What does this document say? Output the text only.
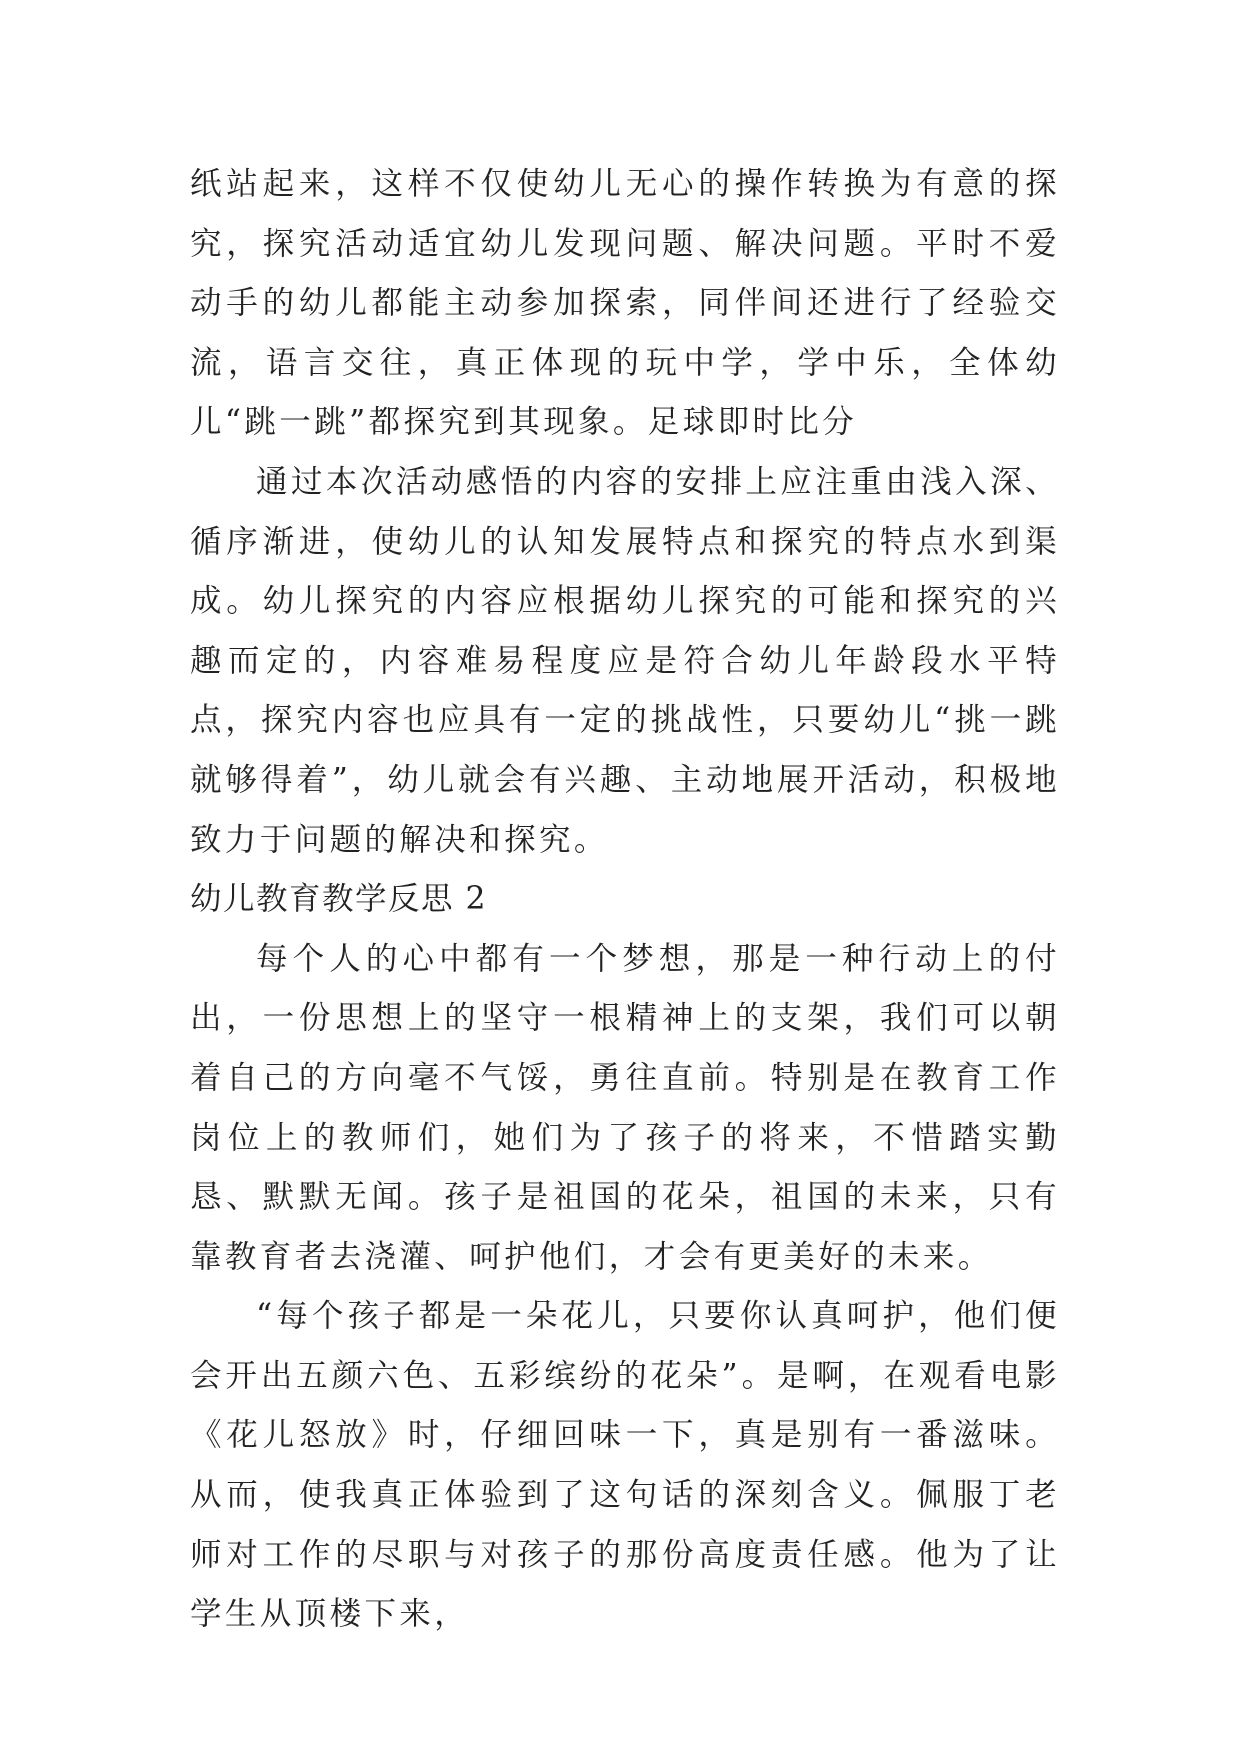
纸站起来，这样不仅使幼儿无心的操作转换为有意的探究，探究活动适宜幼儿发现问题、解决问题。平时不爱动手的幼儿都能主动参加探索，同伴间还进行了经验交流，语言交往，真正体现的玩中学，学中乐，全体幼儿“跳一跳”都探究到其现象。足球即时比分

通过本次活动感悟的内容的安排上应注重由浅入深、循序渐进，使幼儿的认知发展特点和探究的特点水到渠成。幼儿探究的内容应根据幼儿探究的可能和探究的兴趣而定的，内容难易程度应是符合幼儿年龄段水平特点，探究内容也应具有一定的挑战性，只要幼儿“挑一跳就够得着”，幼儿就会有兴趣、主动地展开活动，积极地致力于问题的解决和探究。

幼儿教育教学反思 2

每个人的心中都有一个梦想，那是一种行动上的付出，一份思想上的坚守一根精神上的支架，我们可以朝着自己的方向毫不气馁，勇往直前。特别是在教育工作岗位上的教师们，她们为了孩子的将来，不惜踏实勤恳、默默无闻。孩子是祖国的花朵，祖国的未来，只有靠教育者去浇灌、呵护他们，才会有更美好的未来。

“每个孩子都是一朵花儿，只要你认真呵护，他们便会开出五颜六色、五彩缤纷的花朵”。是啊，在观看电影《花儿怒放》时，仔细回味一下，真是别有一番滋味。从而，使我真正体验到了这句话的深刻含义。佩服丁老师对工作的尽职与对孩子的那份高度责任感。他为了让学生从顶楼下来，
